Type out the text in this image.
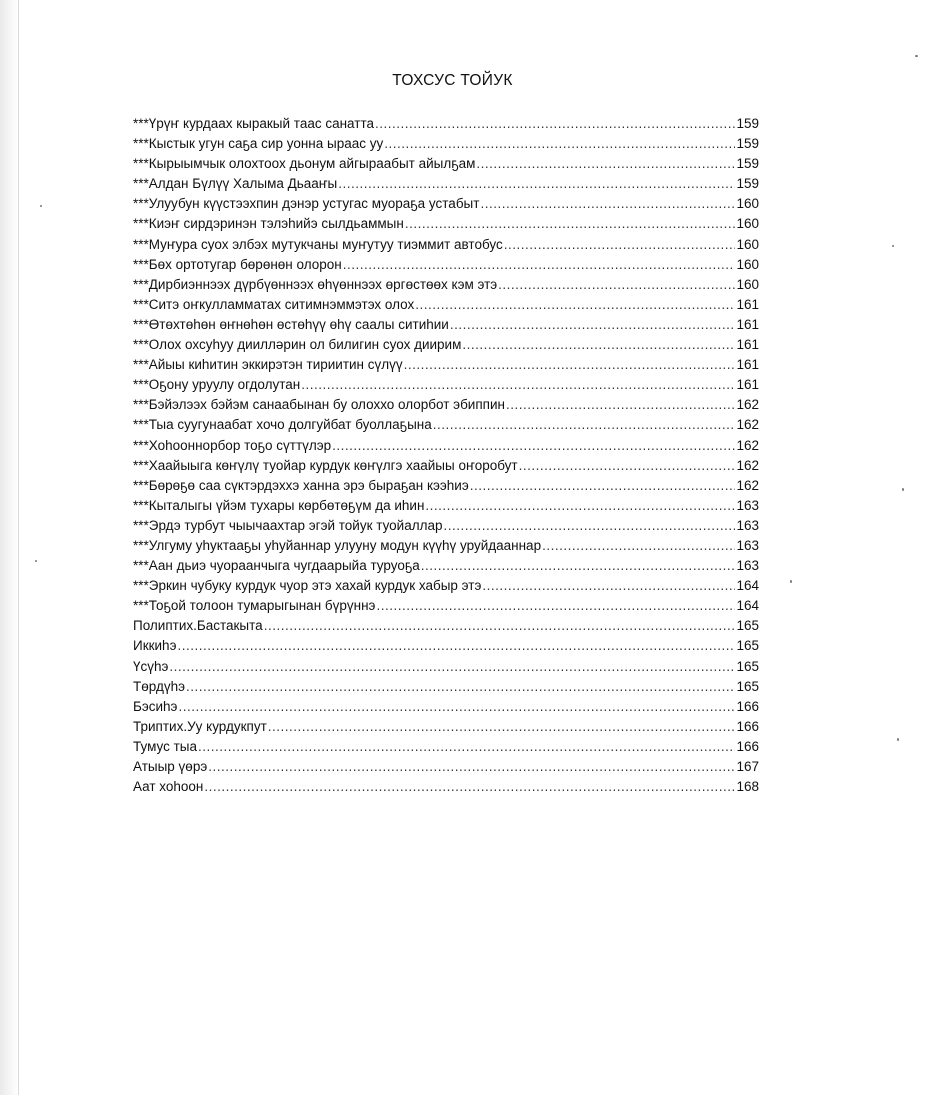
ТОХСУС ТОЙУК
***Үрүҥ курдаах кыракый таас санатта .....	159
***Кыстык угун саҕа сир уонна ыраас уу .....	159
***Кырыымчык олохтоох дьонум айгыраабыт айылҕам .....	159
***Алдан Бүлүү Халыма Дьааҥы .....	159
***Улуубун күүстээхпин дэнэр устугас муораҕа устабыт .....	160
***Киэҥ сирдэринэн тэлэһийэ сылдьаммын .....	160
***Муҥура суох элбэх мутукчаны муҥутуу тиэммит автобус .....	160
***Бөх ортотугар бөрөнөн олорон .....	160
***Дирбиэннээх дүрбүөннээх өһүөннээх өргөстөөх кэм этэ .....	160
***Ситэ оҥкулламматах ситимнэммэтэх олох .....	161
***Өтөхтөһөн өҥнөһөн өстөһүү өһү саалы ситиһии .....	161
***Олох охсуһуу диилләрин ол билигин суох диирим .....	161
***Айыы киһитин эккирэтэн тириитин сүлүү .....	161
***Оҕону уруулу огдолутан .....	161
***Бэйэлээх бэйэм санаабынан бу олоххо олорбот эбиппин .....	162
***Тыа суугунаабат хочо долгуйбат буоллаҕына .....	162
***Хоһооннорбор тоҕо сүттүлэр .....	162
***Хаайыыга көҥүлү туойар курдук көҥүлгэ хаайыы оҥоробут .....	162
***Бөрөҕө саа сүктэрдэххэ ханна эрэ быраҕан кээһиэ .....	162
***Кыталыгы үйэм тухары көрбөтөҕүм да иһин .....	163
***Эрдэ турбут чыычаахтар эгэй тойук туойаллар .....	163
***Улгуму уһуктааҕы уһуйаннар улууну модун күүһү уруйдааннар .....	163
***Аан дьиэ чуораанчыга чугдаарыйа туруоҕа .....	163
***Эркин чубуку курдук чуор этэ хахай курдук хабыр этэ .....	164
***Тоҕой толоон тумарыгынан бүрүннэ .....	164
Полиптих.Бастакыта .....	165
Иккиһэ .....	165
Үсүһэ .....	165
Төрдүһэ .....	165
Бэсиһэ .....	166
Триптих.Уу курдукпут .....	166
Тумус тыа .....	166
Атыыр үөрэ .....	167
Аат хоһоон .....	168
